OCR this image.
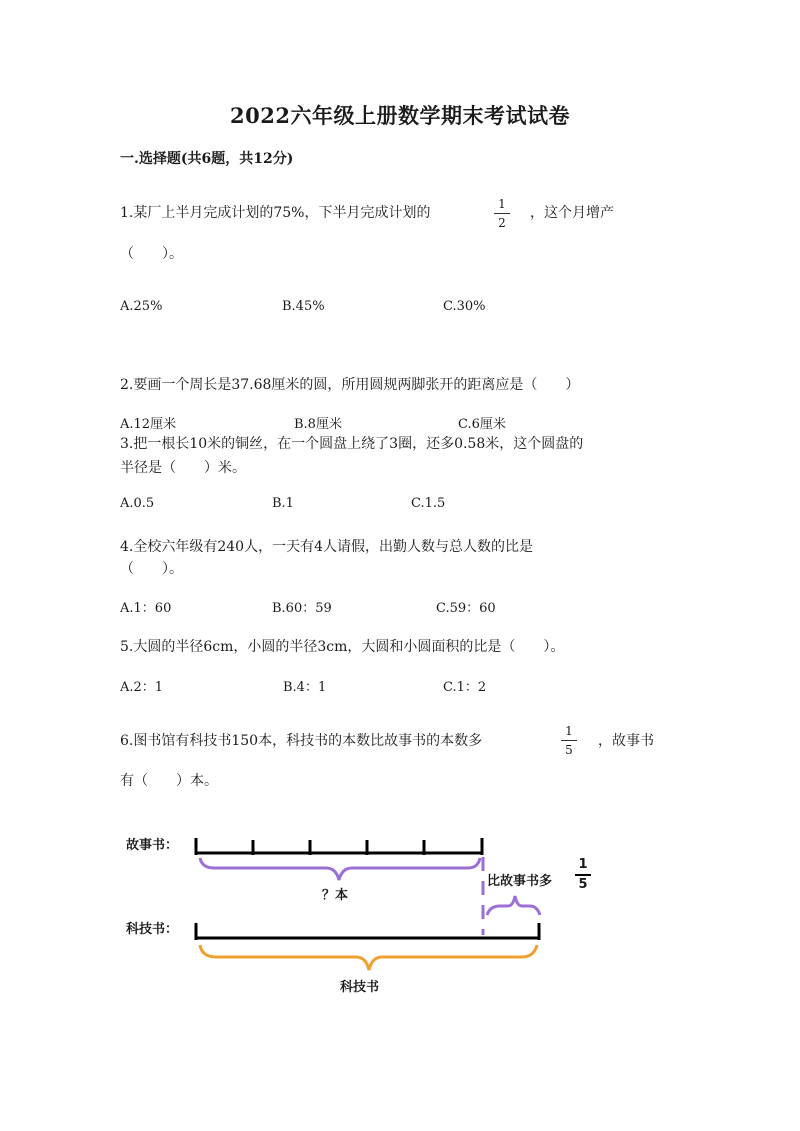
2022六年级上册数学期末考试试卷
一.选择题(共6题，共12分)
1.某厂上半月完成计划的75%，下半月完成计划的
1
2
，这个月增产
（　　）。
A.25%	B.45%	C.30%
2.要画一个周长是37.68厘米的圆，所用圆规两脚张开的距离应是（　　）
A.12厘米	B.8厘米	C.6厘米
3.把一根长10米的铜丝，在一个圆盘上绕了3圈，还多0.58米，这个圆盘的
半径是（　　）米。
A.0.5	B.1	C.1.5
4.全校六年级有240人，一天有4人请假，出勤人数与总人数的比是
（　　）。
A.1：60	B.60：59	C.59：60
5.大圆的半径6cm，小圆的半径3cm，大圆和小圆面积的比是（　　）。
A.2：1	B.4：1	C.1：2
6.图书馆有科技书150本，科技书的本数比故事书的本数多
1
5
，故事书
有（　　）本。
故事书：
？本
比故事书多
1
5
科技书：
科技书
